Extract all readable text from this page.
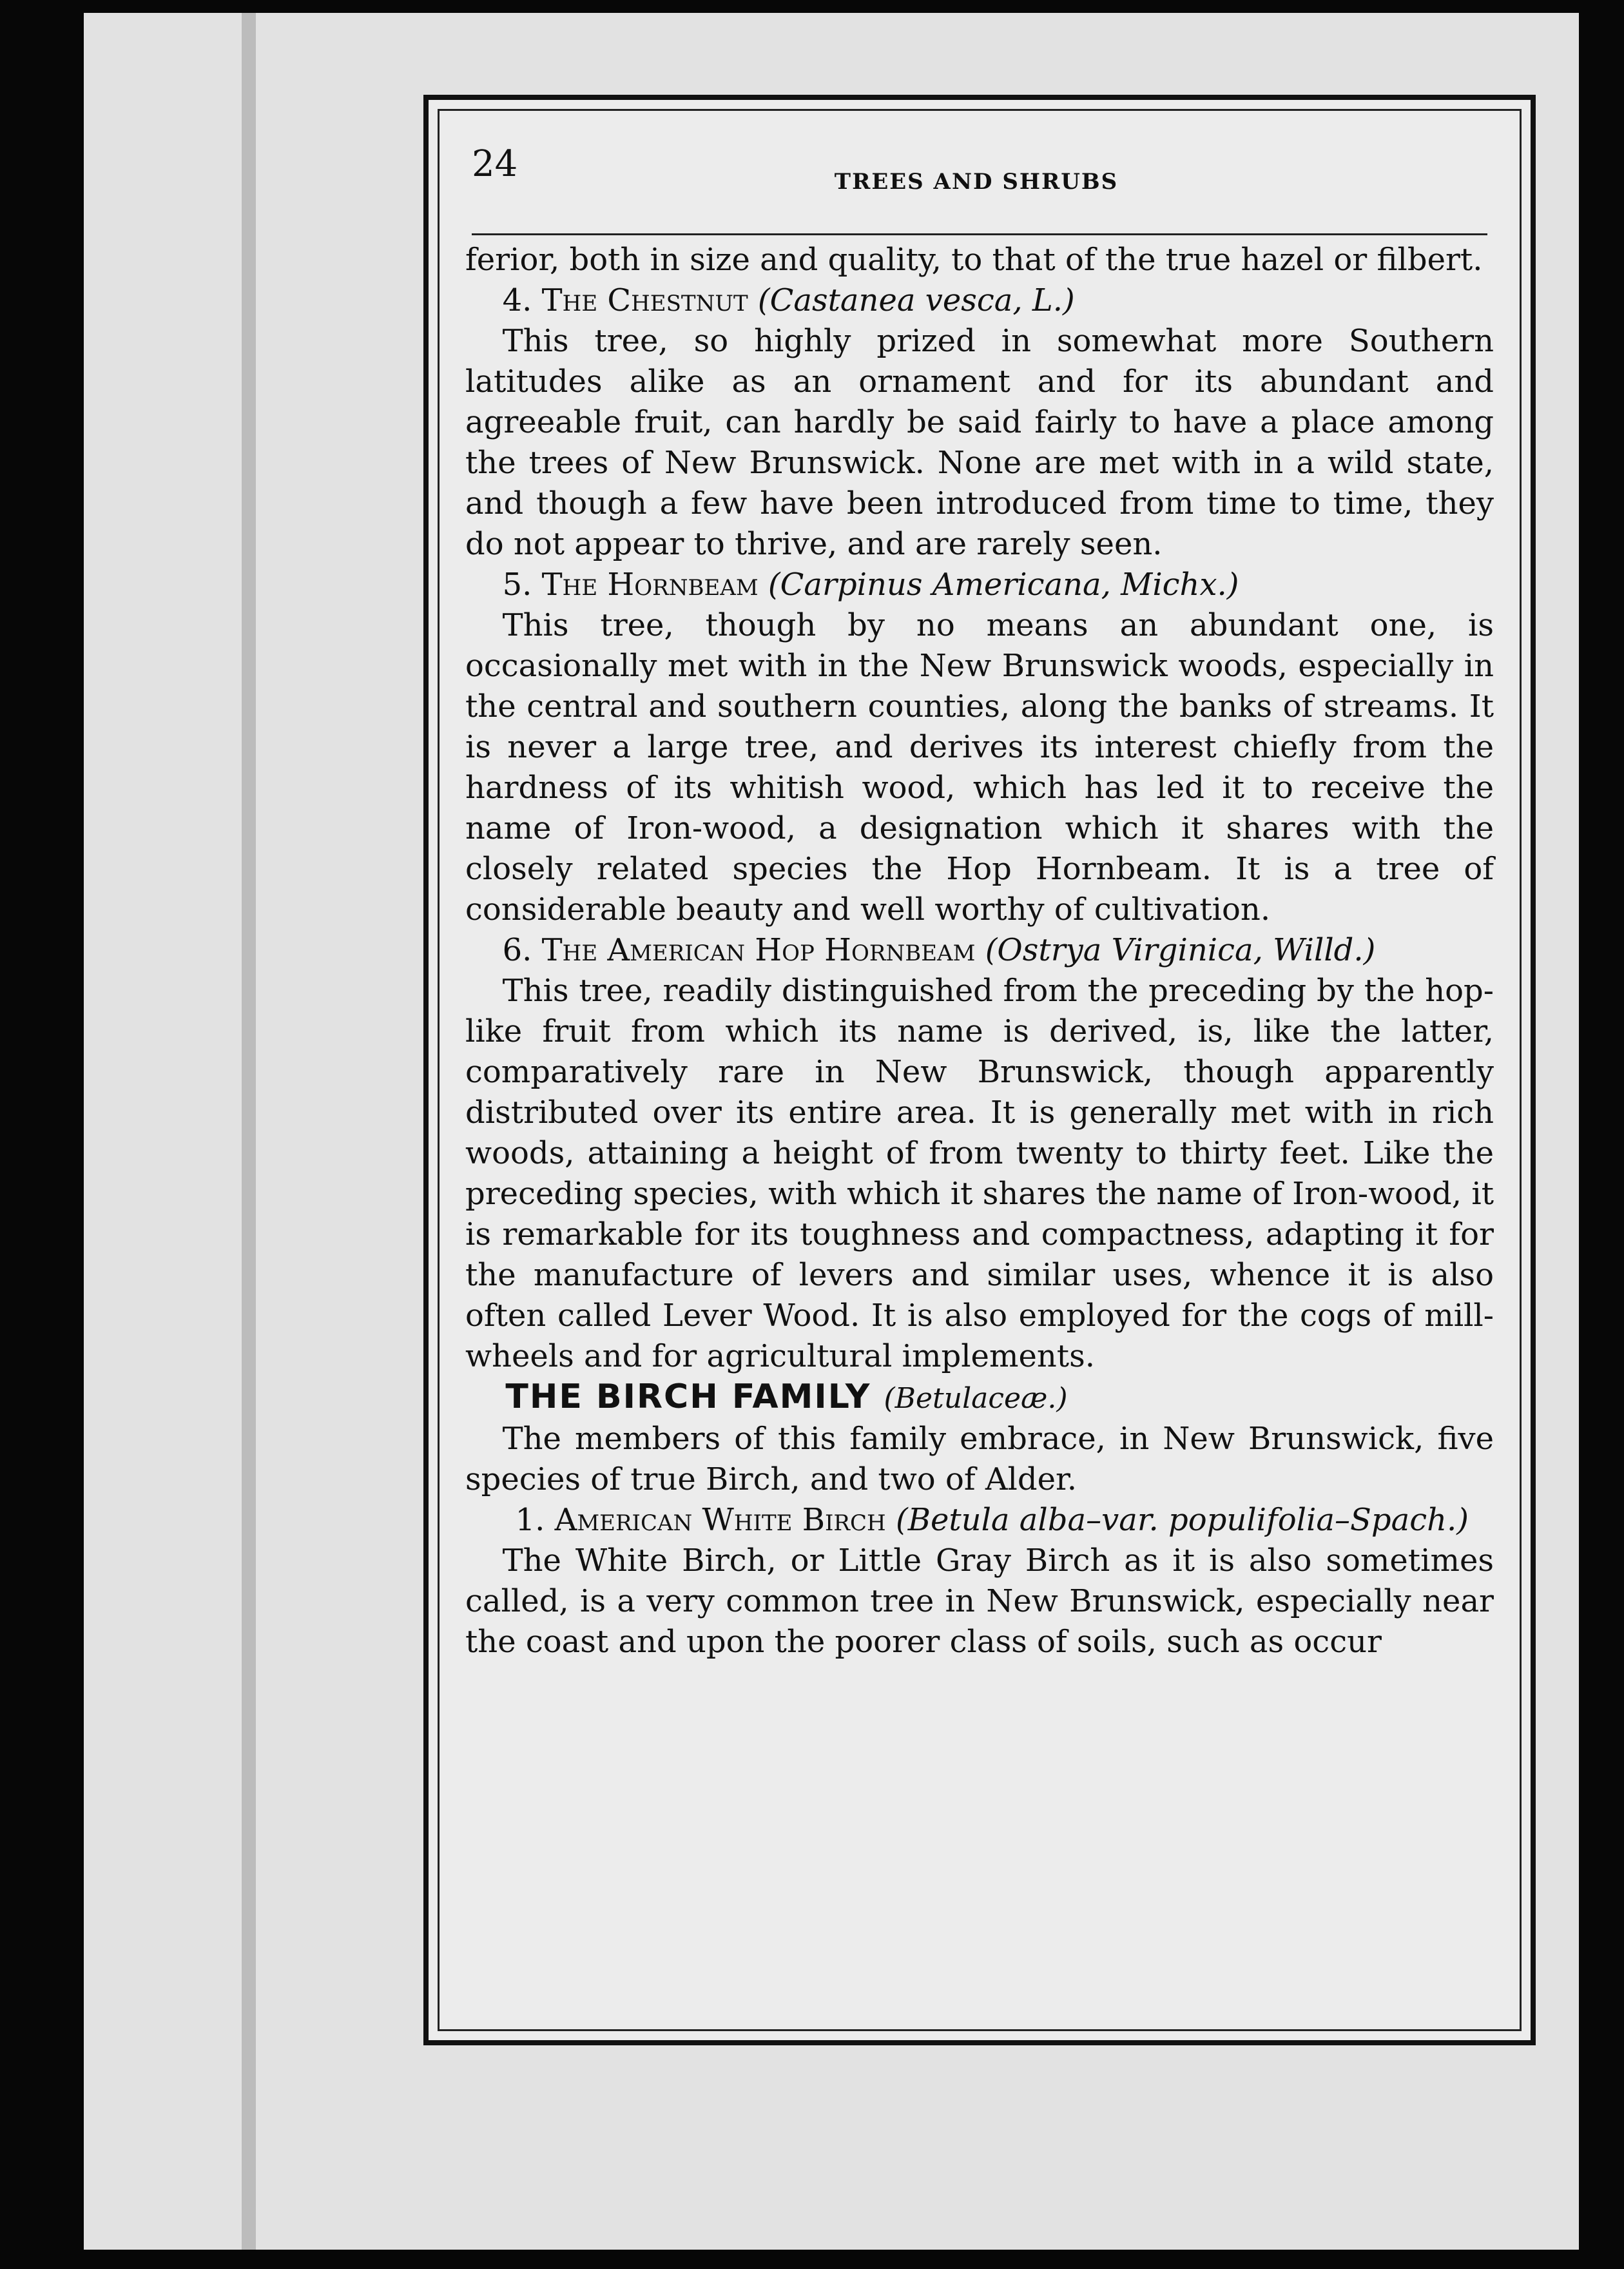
24	TREES AND SHRUBS

ferior, both in size and quality, to that of the true hazel or filbert.

4. The Chestnut (Castanea vesca, L.)

This tree, so highly prized in somewhat more Southern latitudes alike as an ornament and for its abundant and agreeable fruit, can hardly be said fairly to have a place among the trees of New Brunswick. None are met with in a wild state, and though a few have been introduced from time to time, they do not appear to thrive, and are rarely seen.

5. The Hornbeam (Carpinus Americana, Michx.)

This tree, though by no means an abundant one, is occasionally met with in the New Brunswick woods, especially in the central and southern counties, along the banks of streams. It is never a large tree, and derives its interest chiefly from the hardness of its whitish wood, which has led it to receive the name of Iron-wood, a designation which it shares with the closely related species the Hop Hornbeam. It is a tree of considerable beauty and well worthy of cultivation.

6. The American Hop Hornbeam (Ostrya Virginica, Willd.)

This tree, readily distinguished from the preceding by the hop-like fruit from which its name is derived, is, like the latter, comparatively rare in New Brunswick, though apparently distributed over its entire area. It is generally met with in rich woods, attaining a height of from twenty to thirty feet. Like the preceding species, with which it shares the name of Iron-wood, it is remarkable for its toughness and compactness, adapting it for the manufacture of levers and similar uses, whence it is also often called Lever Wood. It is also employed for the cogs of mill-wheels and for agricultural implements.

THE BIRCH FAMILY (Betulaceæ.)

The members of this family embrace, in New Brunswick, five species of true Birch, and two of Alder.

1. American White Birch (Betula alba–var. populifolia–Spach.)

The White Birch, or Little Gray Birch as it is also sometimes called, is a very common tree in New Brunswick, especially near the coast and upon the poorer class of soils, such as occur
